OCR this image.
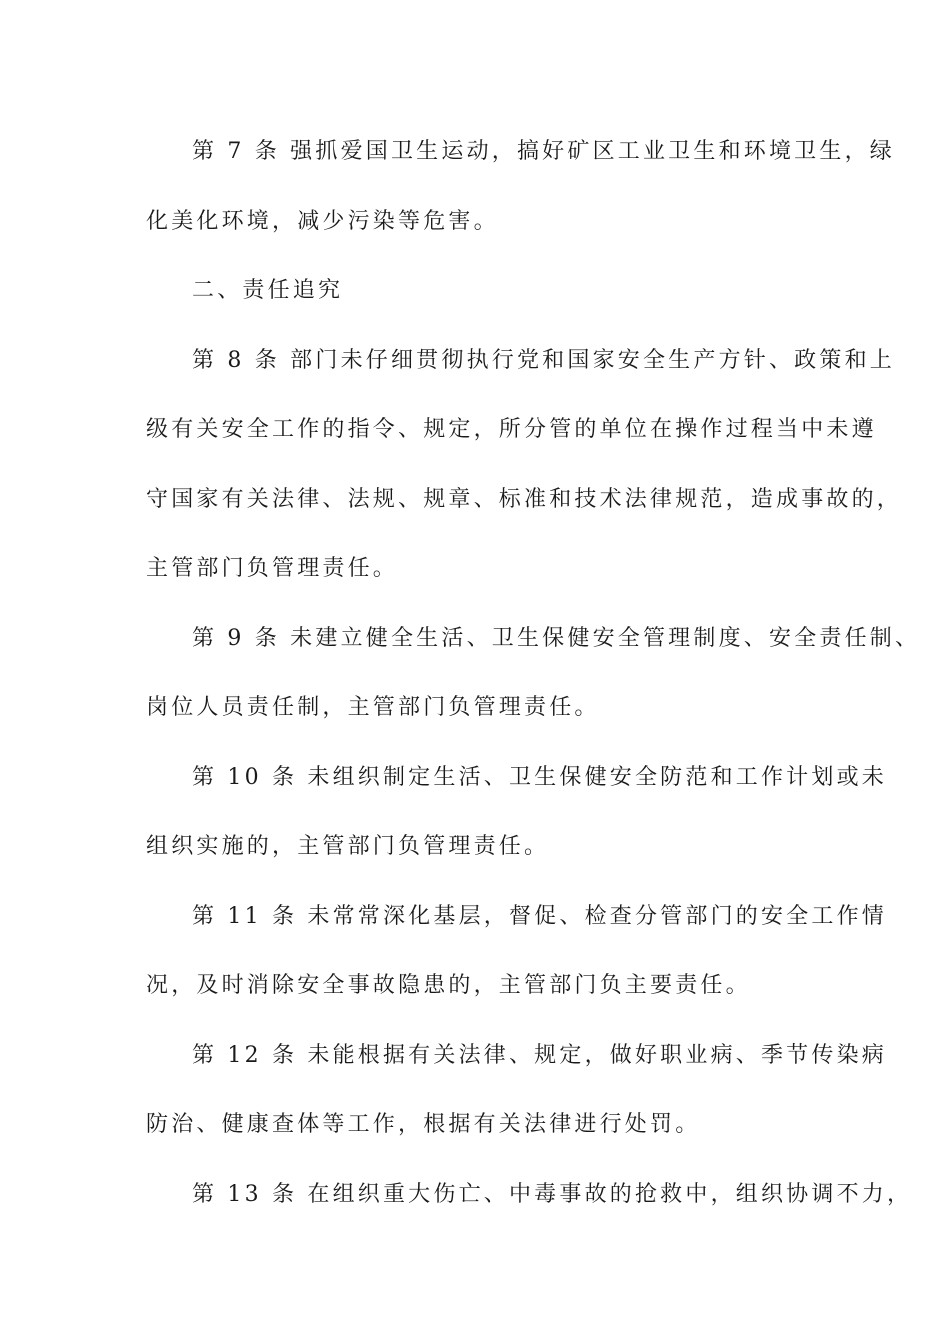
第 7 条 强抓爱国卫生运动，搞好矿区工业卫生和环境卫生，绿
化美化环境，减少污染等危害。
二、责任追究
第 8 条 部门未仔细贯彻执行党和国家安全生产方针、政策和上
级有关安全工作的指令、规定，所分管的单位在操作过程当中未遵
守国家有关法律、法规、规章、标准和技术法律规范，造成事故的，
主管部门负管理责任。
第 9 条 未建立健全生活、卫生保健安全管理制度、安全责任制、
岗位人员责任制，主管部门负管理责任。
第 10 条 未组织制定生活、卫生保健安全防范和工作计划或未
组织实施的，主管部门负管理责任。
第 11 条 未常常深化基层，督促、检查分管部门的安全工作情
况，及时消除安全事故隐患的，主管部门负主要责任。
第 12 条 未能根据有关法律、规定，做好职业病、季节传染病
防治、健康查体等工作，根据有关法律进行处罚。
第 13 条 在组织重大伤亡、中毒事故的抢救中，组织协调不力，
